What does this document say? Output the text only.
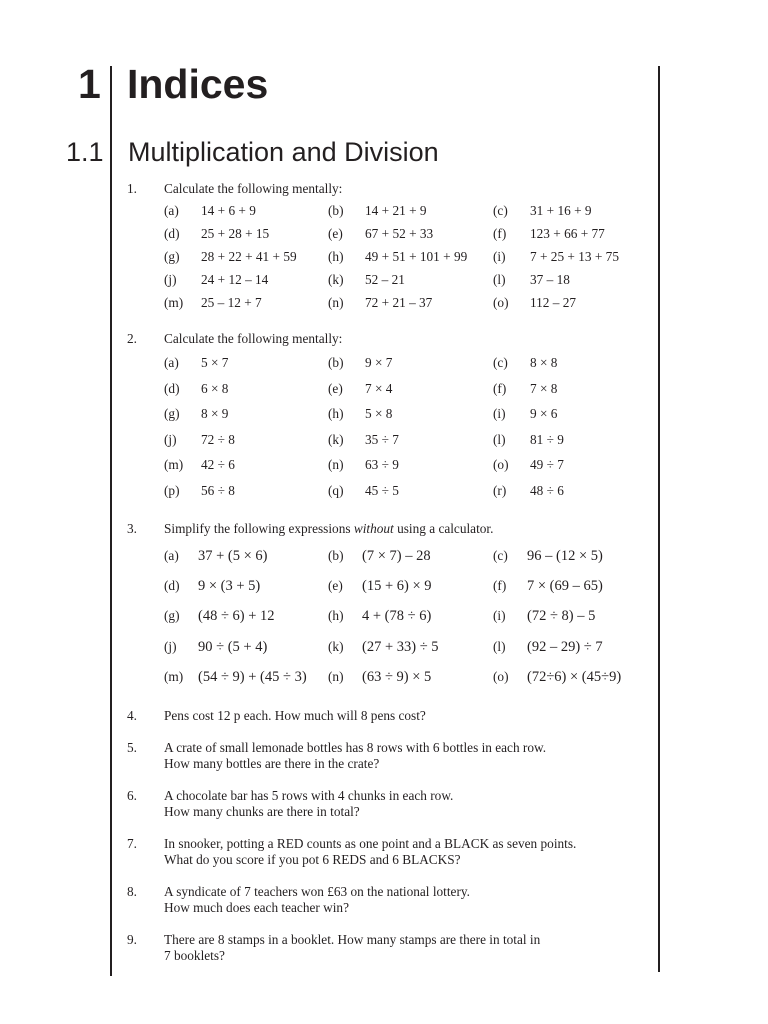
1 Indices
1.1 Multiplication and Division
1. Calculate the following mentally:
(a) 14 + 6 + 9	(b) 14 + 21 + 9	(c) 31 + 16 + 9
(d) 25 + 28 + 15	(e) 67 + 52 + 33	(f) 123 + 66 + 77
(g) 28 + 22 + 41 + 59 (h) 49 + 51 + 101 + 99 (i) 7 + 25 + 13 + 75
(j) 24 + 12 – 14	(k) 52 – 21	(l) 37 – 18
(m) 25 – 12 + 7	(n) 72 + 21 – 37	(o) 112 – 27
2. Calculate the following mentally:
(a) 5 × 7	(b) 9 × 7	(c) 8 × 8
(d) 6 × 8	(e) 7 × 4	(f) 7 × 8
(g) 8 × 9	(h) 5 × 8	(i) 9 × 6
(j) 72 ÷ 8	(k) 35 ÷ 7	(l) 81 ÷ 9
(m) 42 ÷ 6	(n) 63 ÷ 9	(o) 49 ÷ 7
(p) 56 ÷ 8	(q) 45 ÷ 5	(r) 48 ÷ 6
3. Simplify the following expressions without using a calculator.
(a) 37 + (5 × 6)	(b) (7 × 7) – 28	(c) 96 – (12 × 5)
(d) 9 × (3 + 5)	(e) (15 + 6) × 9	(f) 7 × (69 – 65)
(g) (48 ÷ 6) + 12	(h) 4 + (78 ÷ 6)	(i) (72 ÷ 8) – 5
(j) 90 ÷ (5 + 4)	(k) (27 + 33) ÷ 5	(l) (92 – 29) ÷ 7
(m) (54 ÷ 9) + (45 ÷ 3) (n) (63 ÷ 9) × 5	(o) (72÷6) × (45÷9)
4. Pens cost 12 p each. How much will 8 pens cost?
5. A crate of small lemonade bottles has 8 rows with 6 bottles in each row.
How many bottles are there in the crate?
6. A chocolate bar has 5 rows with 4 chunks in each row.
How many chunks are there in total?
7. In snooker, potting a RED counts as one point and a BLACK as seven points.
What do you score if you pot 6 REDS and 6 BLACKS?
8. A syndicate of 7 teachers won £63 on the national lottery.
How much does each teacher win?
9. There are 8 stamps in a booklet. How many stamps are there in total in
7 booklets?
